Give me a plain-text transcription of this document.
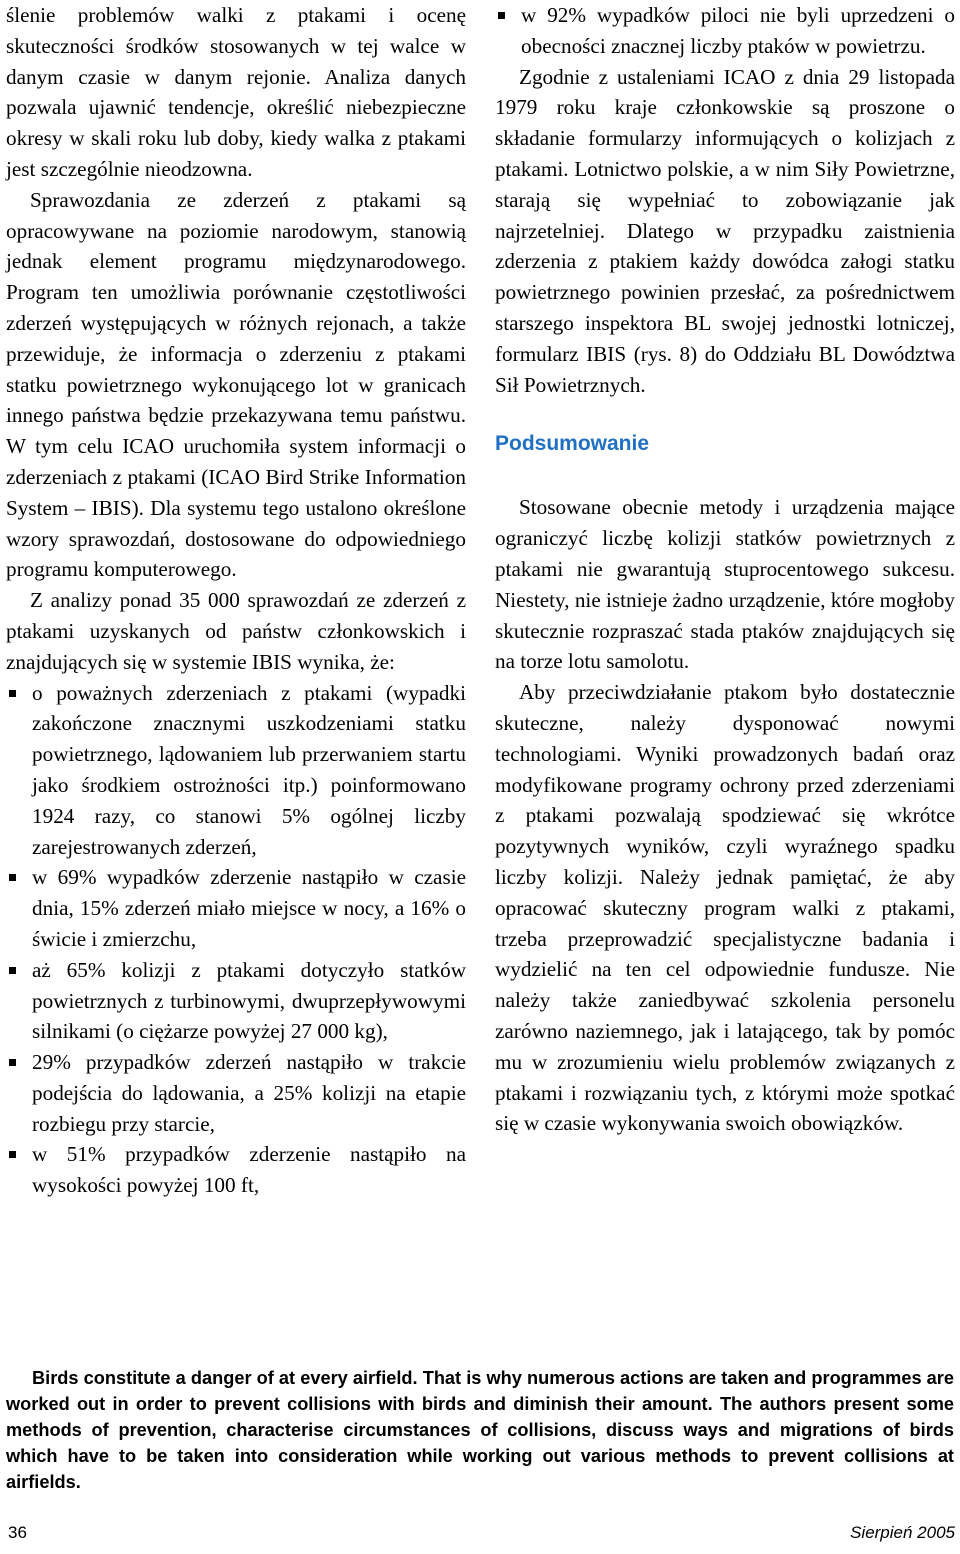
ślenie problemów walki z ptakami i ocenę skuteczności środków stosowanych w tej walce w danym czasie w danym rejonie. Analiza danych pozwala ujawnić tendencje, określić niebezpieczne okresy w skali roku lub doby, kiedy walka z ptakami jest szczególnie nieodzowna.

Sprawozdania ze zderzeń z ptakami są opracowywane na poziomie narodowym, stanowią jednak element programu międzynarodowego. Program ten umożliwia porównanie częstotliwości zderzeń występujących w różnych rejonach, a także przewiduje, że informacja o zderzeniu z ptakami statku powietrznego wykonującego lot w granicach innego państwa będzie przekazywana temu państwu. W tym celu ICAO uruchomiła system informacji o zderzeniach z ptakami (ICAO Bird Strike Information System – IBIS). Dla systemu tego ustalono określone wzory sprawozdań, dostosowane do odpowiedniego programu komputerowego.

Z analizy ponad 35 000 sprawozdań ze zderzeń z ptakami uzyskanych od państw członkowskich i znajdujących się w systemie IBIS wynika, że:

o poważnych zderzeniach z ptakami (wypadki zakończone znacznymi uszkodzeniami statku powietrznego, lądowaniem lub przerwaniem startu jako środkiem ostrożności itp.) poinformowano 1924 razy, co stanowi 5% ogólnej liczby zarejestrowanych zderzeń,
w 69% wypadków zderzenie nastąpiło w czasie dnia, 15% zderzeń miało miejsce w nocy, a 16% o świcie i zmierzchu,
aż 65% kolizji z ptakami dotyczyło statków powietrznych z turbinowymi, dwuprzepływowymi silnikami (o ciężarze powyżej 27 000 kg),
29% przypadków zderzeń nastąpiło w trakcie podejścia do lądowania, a 25% kolizji na etapie rozbiegu przy starcie,
w 51% przypadków zderzenie nastąpiło na wysokości powyżej 100 ft,
w 92% wypadków piloci nie byli uprzedzeni o obecności znacznej liczby ptaków w powietrzu.

Zgodnie z ustaleniami ICAO z dnia 29 listopada 1979 roku kraje członkowskie są proszone o składanie formularzy informujących o kolizjach z ptakami. Lotnictwo polskie, a w nim Siły Powietrzne, starają się wypełniać to zobowiązanie jak najrzetelniej. Dlatego w przypadku zaistnienia zderzenia z ptakiem każdy dowódca załogi statku powietrznego powinien przesłać, za pośrednictwem starszego inspektora BL swojej jednostki lotniczej, formularz IBIS (rys. 8) do Oddziału BL Dowództwa Sił Powietrznych.

Podsumowanie

Stosowane obecnie metody i urządzenia mające ograniczyć liczbę kolizji statków powietrznych z ptakami nie gwarantują stuprocentowego sukcesu. Niestety, nie istnieje żadno urządzenie, które mogłoby skutecznie rozpraszać stada ptaków znajdujących się na torze lotu samolotu.

Aby przeciwdziałanie ptakom było dostatecznie skuteczne, należy dysponować nowymi technologiami. Wyniki prowadzonych badań oraz modyfikowane programy ochrony przed zderzeniami z ptakami pozwalają spodziewać się wkrótce pozytywnych wyników, czyli wyraźnego spadku liczby kolizji. Należy jednak pamiętać, że aby opracować skuteczny program walki z ptakami, trzeba przeprowadzić specjalistyczne badania i wydzielić na ten cel odpowiednie fundusze. Nie należy także zaniedbywać szkolenia personelu zarówno naziemnego, jak i latającego, tak by pomóc mu w zrozumieniu wielu problemów związanych z ptakami i rozwiązaniu tych, z którymi może spotkać się w czasie wykonywania swoich obowiązków.

Birds constitute a danger of at every airfield. That is why numerous actions are taken and programmes are worked out in order to prevent collisions with birds and diminish their amount. The authors present some methods of prevention, characterise circumstances of collisions, discuss ways and migrations of birds which have to be taken into consideration while working out various methods to prevent collisions at airfields.

36	Sierpień 2005
